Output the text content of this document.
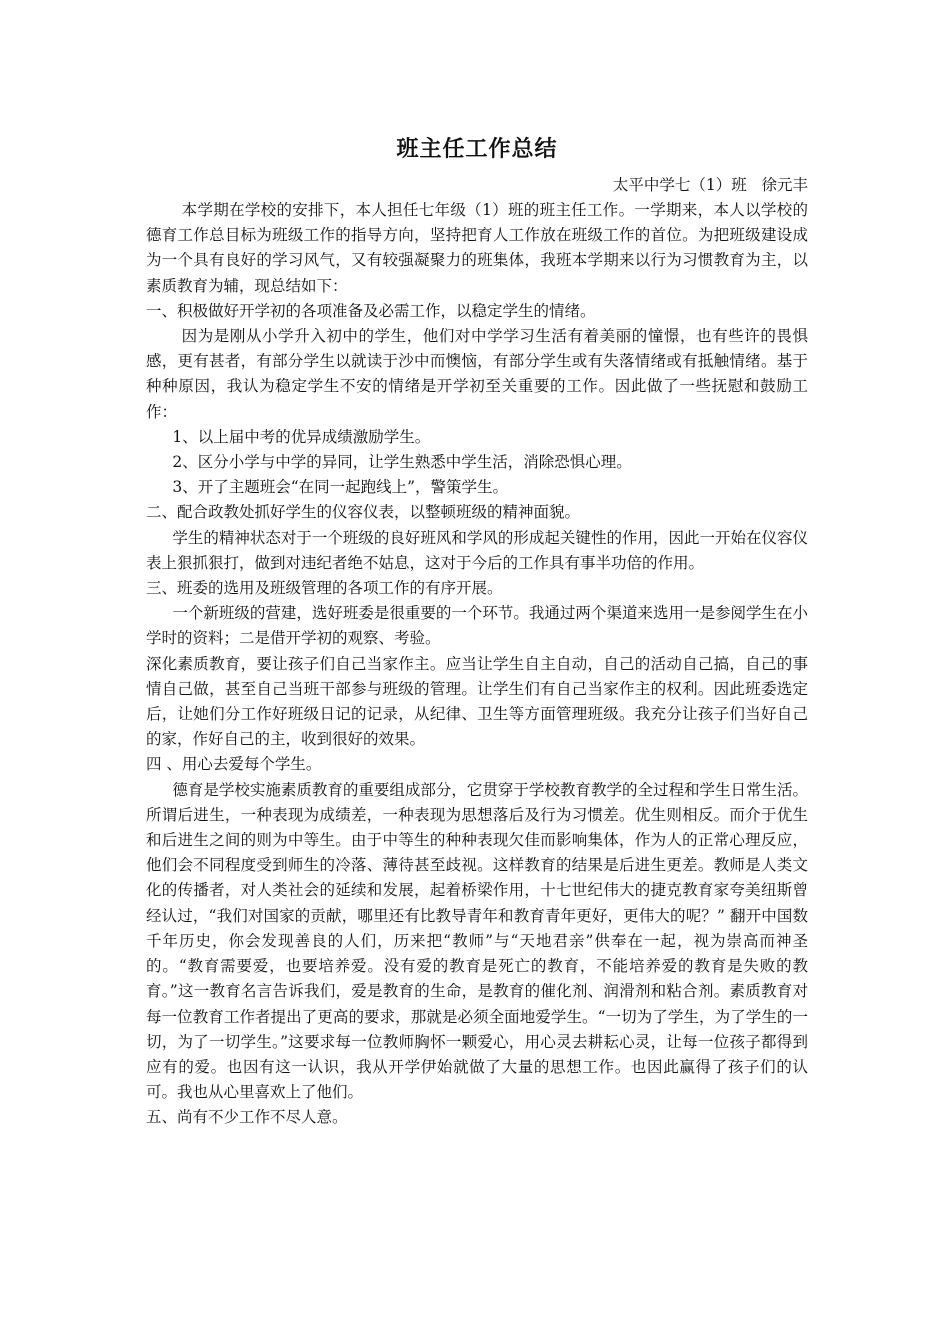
班主任工作总结
太平中学七（1）班   徐元丰

本学期在学校的安排下，本人担任七年级（1）班的班主任工作。一学期来，本人以学校的德育工作总目标为班级工作的指导方向，坚持把育人工作放在班级工作的首位。为把班级建设成为一个具有良好的学习风气，又有较强凝聚力的班集体，我班本学期来以行为习惯教育为主，以素质教育为辅，现总结如下：

一、积极做好开学初的各项准备及必需工作，以稳定学生的情绪。

因为是刚从小学升入初中的学生，他们对中学学习生活有着美丽的憧憬，也有些许的畏惧感，更有甚者，有部分学生以就读于沙中而懊恼，有部分学生或有失落情绪或有抵触情绪。基于种种原因，我认为稳定学生不安的情绪是开学初至关重要的工作。因此做了一些抚慰和鼓励工作：

1、以上届中考的优异成绩激励学生。

2、区分小学与中学的异同，让学生熟悉中学生活，消除恐惧心理。

3、开了主题班会“在同一起跑线上”，警策学生。

二、配合政教处抓好学生的仪容仪表，以整顿班级的精神面貌。

学生的精神状态对于一个班级的良好班风和学风的形成起关键性的作用，因此一开始在仪容仪表上狠抓狠打，做到对违纪者绝不姑息，这对于今后的工作具有事半功倍的作用。

三、班委的选用及班级管理的各项工作的有序开展。

一个新班级的营建，选好班委是很重要的一个环节。我通过两个渠道来选用一是参阅学生在小学时的资料；二是借开学初的观察、考验。

深化素质教育，要让孩子们自己当家作主。应当让学生自主自动，自己的活动自己搞，自己的事情自己做，甚至自己当班干部参与班级的管理。让学生们有自己当家作主的权利。因此班委选定后，让她们分工作好班级日记的记录，从纪律、卫生等方面管理班级。我充分让孩子们当好自己的家，作好自己的主，收到很好的效果。

四 、用心去爱每个学生。

德育是学校实施素质教育的重要组成部分，它贯穿于学校教育教学的全过程和学生日常生活。所谓后进生，一种表现为成绩差，一种表现为思想落后及行为习惯差。优生则相反。而介于优生和后进生之间的则为中等生。由于中等生的种种表现欠佳而影响集体，作为人的正常心理反应，他们会不同程度受到师生的冷落、薄待甚至歧视。这样教育的结果是后进生更差。教师是人类文化的传播者，对人类社会的延续和发展，起着桥梁作用，十七世纪伟大的捷克教育家夸美纽斯曾经认过，“我们对国家的贡献，哪里还有比教导青年和教育青年更好，更伟大的呢？” 翻开中国数千年历史，你会发现善良的人们，历来把“教师”与“天地君亲”供奉在一起，视为崇高而神圣的。“教育需要爱，也要培养爱。没有爱的教育是死亡的教育，不能培养爱的教育是失败的教育。”这一教育名言告诉我们，爱是教育的生命，是教育的催化剂、润滑剂和粘合剂。素质教育对每一位教育工作者提出了更高的要求，那就是必须全面地爱学生。“一切为了学生，为了学生的一切，为了一切学生。”这要求每一位教师胸怀一颗爱心，用心灵去耕耘心灵，让每一位孩子都得到应有的爱。也因有这一认识，我从开学伊始就做了大量的思想工作。也因此赢得了孩子们的认可。我也从心里喜欢上了他们。

五、尚有不少工作不尽人意。
